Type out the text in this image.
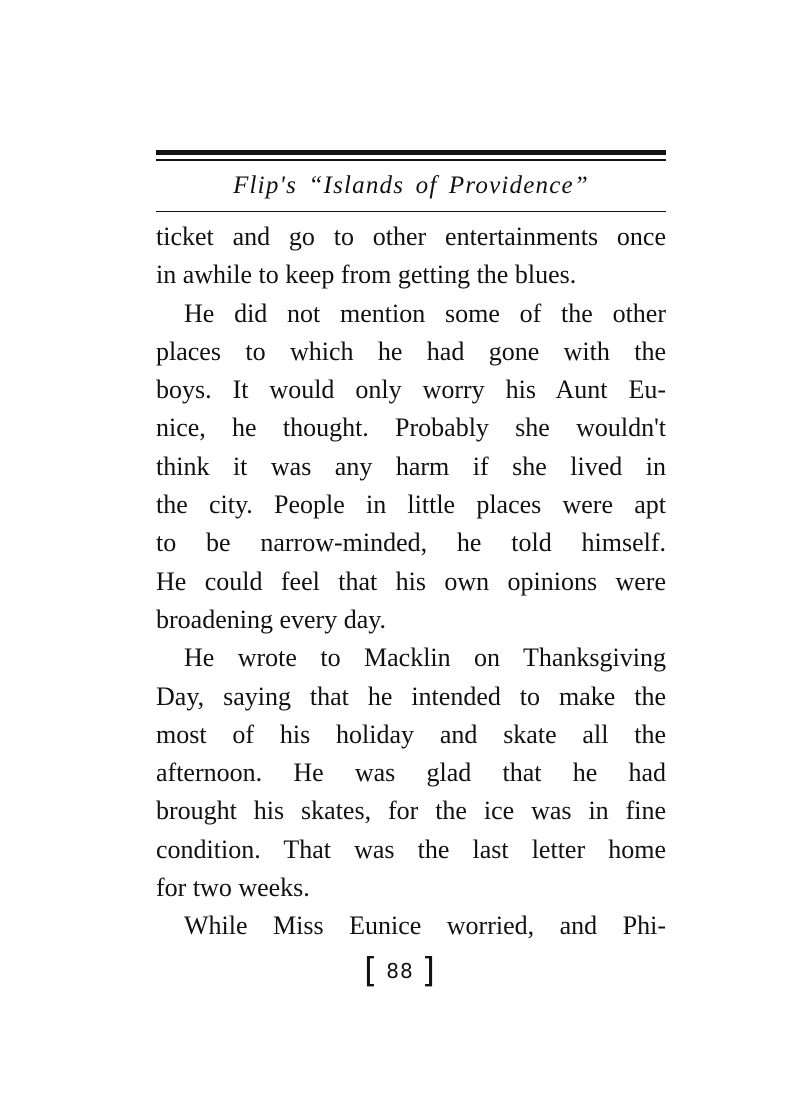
Flip's “Islands of Providence”
ticket and go to other entertainments once
in awhile to keep from getting the blues.
He did not mention some of the other
places to which he had gone with the
boys. It would only worry his Aunt Eu-
nice, he thought. Probably she wouldn't
think it was any harm if she lived in
the city. People in little places were apt
to be narrow-minded, he told himself.
He could feel that his own opinions were
broadening every day.
He wrote to Macklin on Thanksgiving
Day, saying that he intended to make the
most of his holiday and skate all the
afternoon. He was glad that he had
brought his skates, for the ice was in fine
condition. That was the last letter home
for two weeks.
While Miss Eunice worried, and Phi-
[ 88 ]
